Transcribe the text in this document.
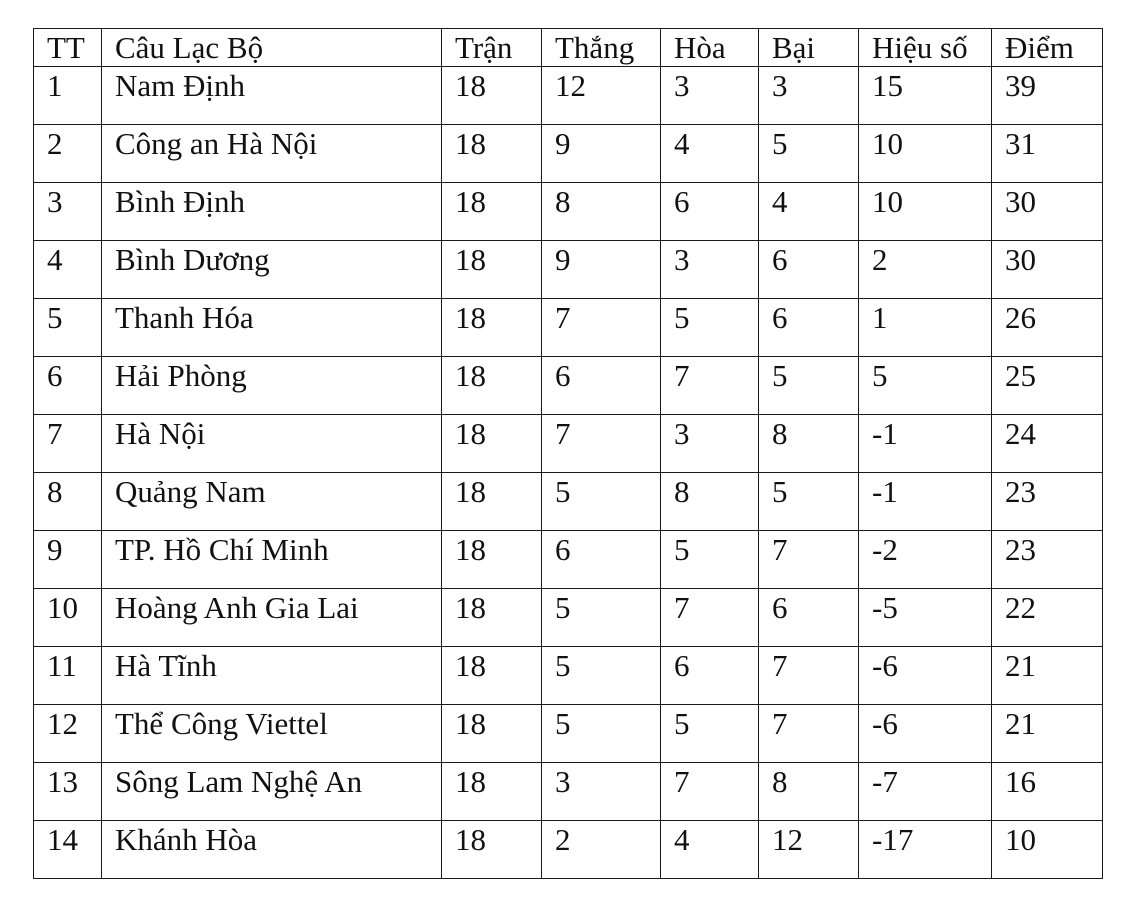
TT	Câu Lạc Bộ	Trận	Thắng	Hòa	Bại	Hiệu số	Điểm
1	Nam Định	18	12	3	3	15	39
2	Công an Hà Nội	18	9	4	5	10	31
3	Bình Định	18	8	6	4	10	30
4	Bình Dương	18	9	3	6	2	30
5	Thanh Hóa	18	7	5	6	1	26
6	Hải Phòng	18	6	7	5	5	25
7	Hà Nội	18	7	3	8	-1	24
8	Quảng Nam	18	5	8	5	-1	23
9	TP. Hồ Chí Minh	18	6	5	7	-2	23
10	Hoàng Anh Gia Lai	18	5	7	6	-5	22
11	Hà Tĩnh	18	5	6	7	-6	21
12	Thể Công Viettel	18	5	5	7	-6	21
13	Sông Lam Nghệ An	18	3	7	8	-7	16
14	Khánh Hòa	18	2	4	12	-17	10
